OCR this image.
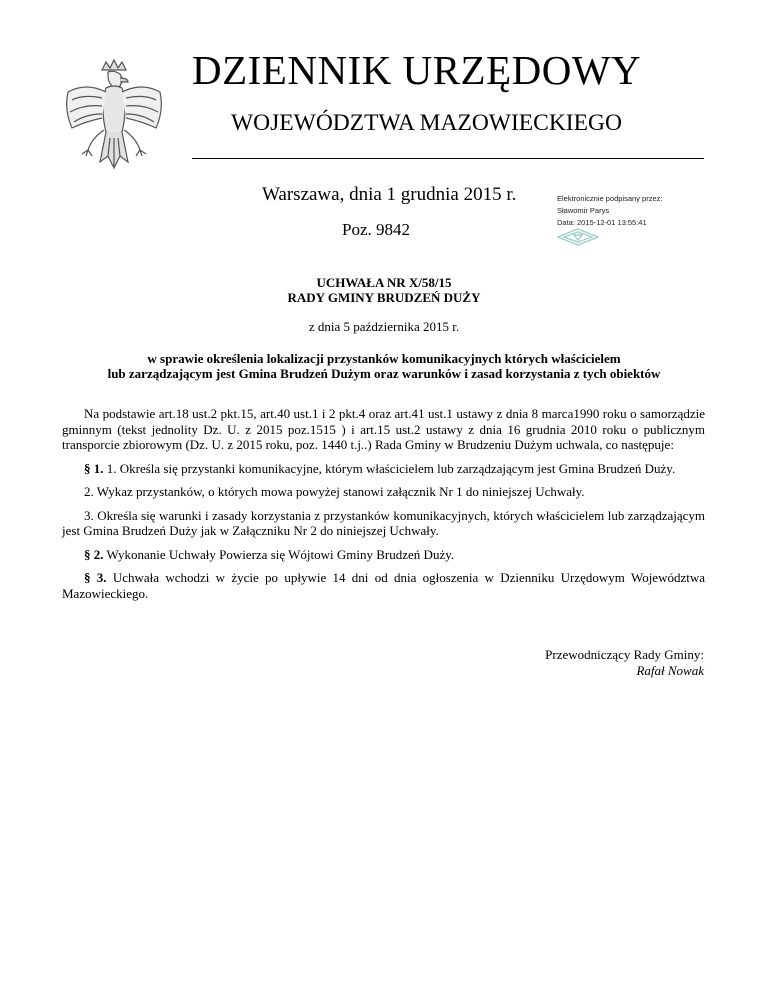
DZIENNIK URZĘDOWY
WOJEWÓDZTWA MAZOWIECKIEGO
Warszawa, dnia 1 grudnia 2015 r.
Poz. 9842
Elektronicznie podpisany przez:
Sławomir Parys
Data: 2015-12-01 13:55:41
UCHWAŁA NR X/58/15
RADY GMINY BRUDZEŃ DUŻY
z dnia 5 października 2015 r.
w sprawie określenia lokalizacji przystanków komunikacyjnych których właścicielem
lub zarządzającym jest Gmina Brudzeń Dużym oraz warunków i zasad korzystania z tych obiektów

Na podstawie art.18 ust.2 pkt.15, art.40 ust.1 i 2 pkt.4 oraz art.41 ust.1 ustawy z dnia 8 marca1990 roku o samorządzie gminnym (tekst jednolity Dz. U. z 2015 poz.1515 ) i art.15 ust.2 ustawy z dnia 16 grudnia 2010 roku o publicznym transporcie zbiorowym (Dz. U. z 2015 roku, poz. 1440 t.j..) Rada Gminy w Brudzeniu Dużym uchwala, co następuje:

§ 1. 1. Określa się przystanki komunikacyjne, którym właścicielem lub zarządzającym jest Gmina Brudzeń Duży.

2. Wykaz przystanków, o których mowa powyżej stanowi załącznik Nr 1 do niniejszej Uchwały.

3. Określa się warunki i zasady korzystania z przystanków komunikacyjnych, których właścicielem lub zarządzającym jest Gmina Brudzeń Duży jak w Załączniku Nr 2 do niniejszej Uchwały.

§ 2. Wykonanie Uchwały Powierza się Wójtowi Gminy Brudzeń Duży.

§ 3. Uchwała wchodzi w życie po upływie 14 dni od dnia ogłoszenia w Dzienniku Urzędowym Województwa Mazowieckiego.

Przewodniczący Rady Gminy:
Rafał Nowak
